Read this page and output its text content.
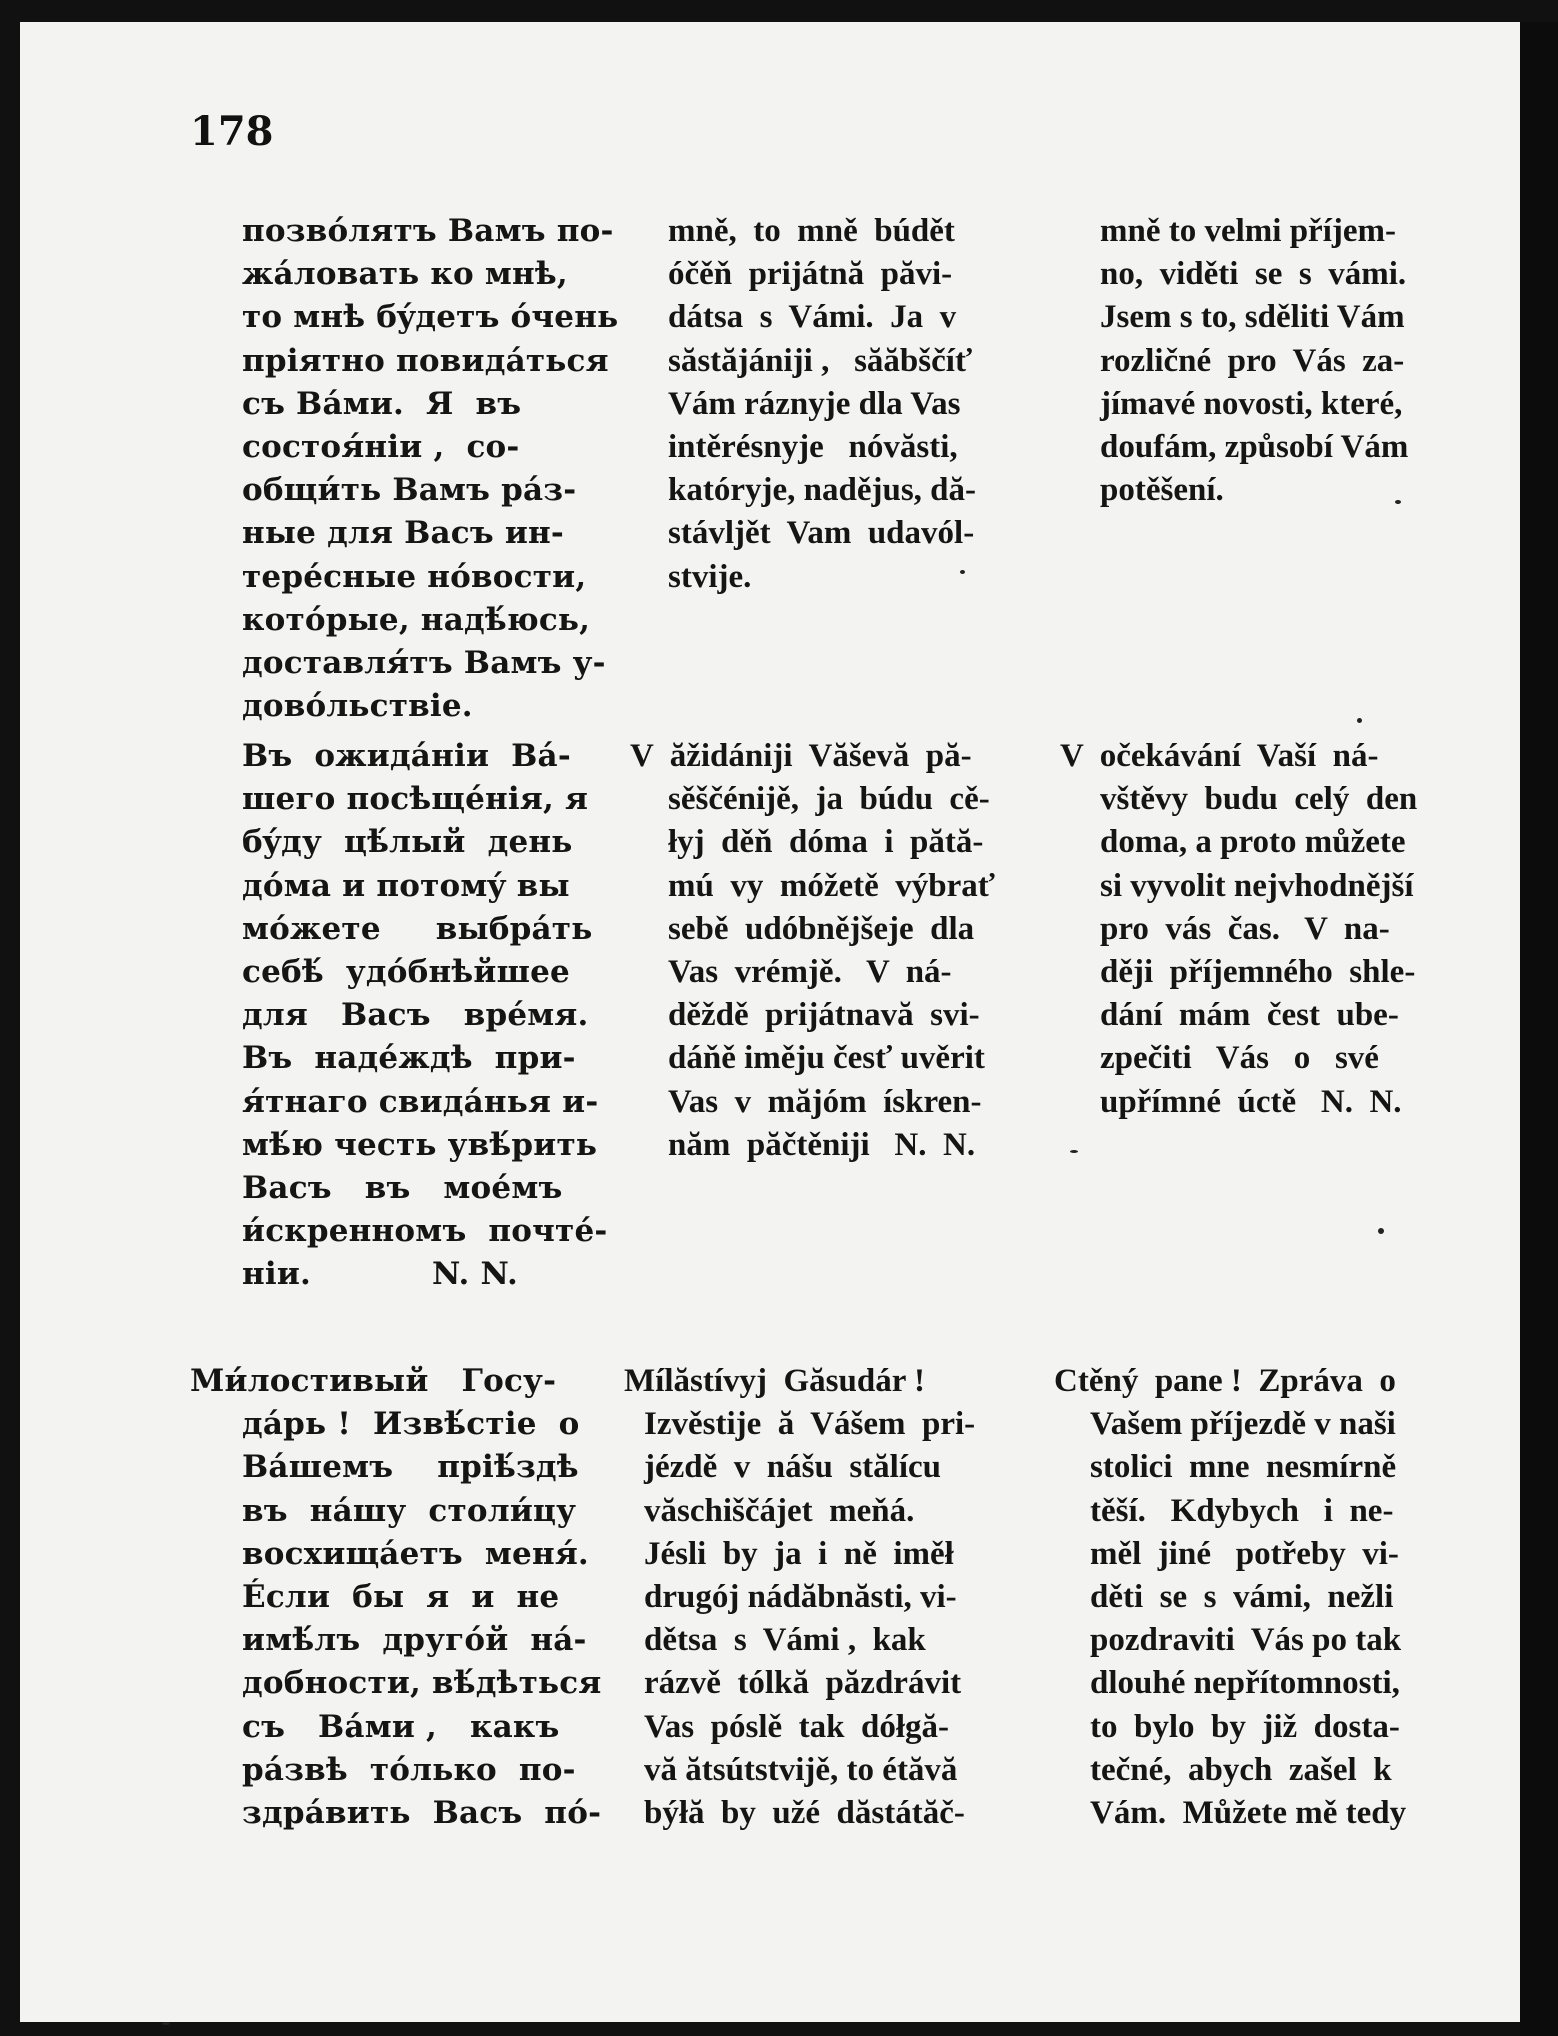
178
позвóлятъ Вамъ по-
жáловать ко мнѣ,
то мнѣ бýдетъ óчень
пріятно повидáться
съ Вáми.  Я  въ
состоя́ніи ,  со-
общи́ть Вамъ рáз-
ные для Васъ ин-
терéсные нóвости,
котóрые, надѣ́юсь,
доставля́тъ Вамъ у-
довóльствіе.
mně,  to  mně  búdět
óčěň  prijátnă  păvi-
dátsa  s  Vámi.  Ja  v
săstăjániji ,   săăbščíť
Vám ráznyje dla Vas
intěrésnyje   nóvăsti,
katóryje, nadějus, dă-
stávljět  Vam  udavól-
stvije.
mně to velmi příjem-
no,  viděti  se  s  vámi.
Jsem s to, sděliti Vám
rozličné  pro  Vás  za-
jímavé novosti, které,
doufám, způsobí Vám
potěšení.
Въ  ожидáніи  Вá-
шего посѣщéнія, я
бýду  цѣ́лый  день
дóма и потомý вы
мóжете     выбрáть
себѣ́  удóбнѣйшее
для   Васъ   врéмя.
Въ  надéждѣ  при-
я́тнаго свидáнья и-
мѣ́ю честь увѣ́рить
Васъ   въ   моéмъ
и́скренномъ  почтé-
ніи.           N. N.
V  ăžidániji  Văševă  pă-
sěščénijě,  ja  búdu  cě-
łyj  děň  dóma  i  pătă-
mú  vy  móžetě  výbrať
sebě  udóbnějšeje  dla
Vas  vrémjě.   V  ná-
děždě  prijátnavă  svi-
dáňě iměju česť uvěrit
Vas  v  măjóm  ískren-
năm  păčtěniji   N.  N.
V  očekávání  Vaší  ná-
vštěvy  budu  celý  den
doma, a proto můžete
si vyvolit nejvhodnější
pro  vás  čas.   V  na-
ději  příjemného  shle-
dání  mám  čest  ube-
zpečiti   Vás   o   své
upřímné  úctě   N.  N.
Ми́лостивый   Госу-
дáрь !  Извѣ́стіе  о
Вáшемъ    пріѣ́здѣ
въ  нáшу  столи́цу
восхищáетъ  меня́.
Éсли  бы  я  и  не
имѣ́лъ  другóй  нá-
добности, вѣ́дѣться
съ   Вáми ,   какъ
рáзвѣ  тóлько  по-
здрáвить  Васъ  пó-
Mílăstívyj  Găsudár !
Izvěstije  ă  Vášem  pri-
jézdě  v  nášu  stălícu
văschiščájet  meňá.
Jésli  by  ja  i  ně  iměł
drugój nádăbnăsti, vi-
dětsa  s  Vámi ,  kak
rázvě  tólkă  păzdrávit
Vas  póslě  tak  dółgă-
vă ătsútstvijě, to étăvă
býłă  by  užé  dăstátăč-
Ctěný  pane !  Zpráva  o
Vašem příjezdě v naši
stolici  mne  nesmírně
těší.   Kdybych   i  ne-
měl  jiné   potřeby  vi-
děti  se  s  vámi,  nežli
pozdraviti  Vás po tak
dlouhé nepřítomnosti,
to  bylo  by  již  dosta-
tečné,  abych  zašel  k
Vám.  Můžete mě tedy
